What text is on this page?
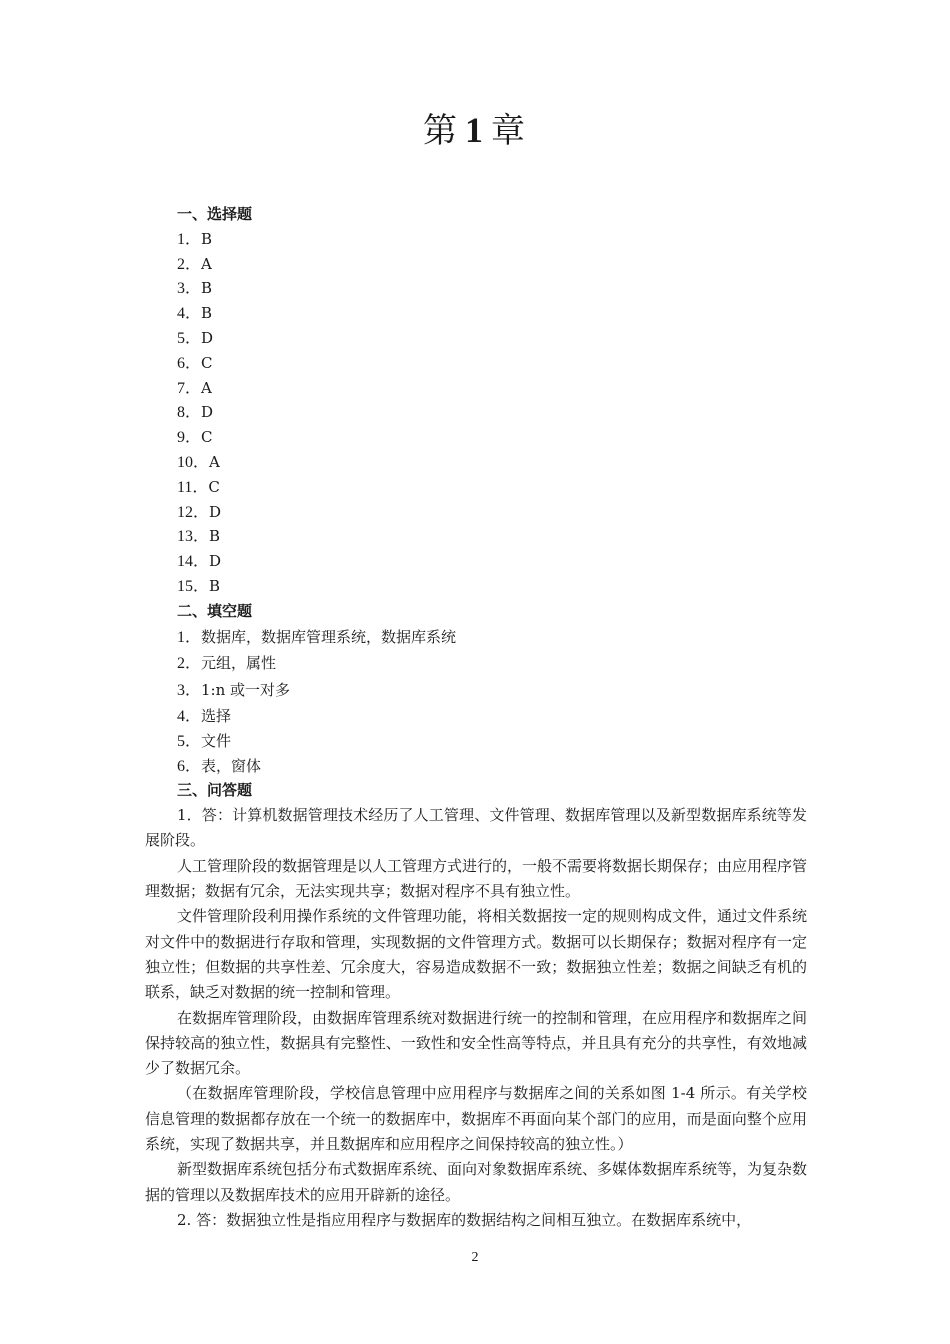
第 1 章
一、选择题
1．B
2．A
3．B
4．B
5．D
6．C
7．A
8．D
9．C
10．A
11．C
12．D
13．B
14．D
15．B
二、填空题
1．数据库，数据库管理系统，数据库系统
2．元组，属性
3．1:n 或一对多
4．选择
5．文件
6．表，窗体
三、问答题

1．答：计算机数据管理技术经历了人工管理、文件管理、数据库管理以及新型数据库系统等发展阶段。

人工管理阶段的数据管理是以人工管理方式进行的，一般不需要将数据长期保存；由应用程序管理数据；数据有冗余，无法实现共享；数据对程序不具有独立性。

文件管理阶段利用操作系统的文件管理功能，将相关数据按一定的规则构成文件，通过文件系统对文件中的数据进行存取和管理，实现数据的文件管理方式。数据可以长期保存；数据对程序有一定独立性；但数据的共享性差、冗余度大，容易造成数据不一致；数据独立性差；数据之间缺乏有机的联系，缺乏对数据的统一控制和管理。

在数据库管理阶段，由数据库管理系统对数据进行统一的控制和管理，在应用程序和数据库之间保持较高的独立性，数据具有完整性、一致性和安全性高等特点，并且具有充分的共享性，有效地减少了数据冗余。

（在数据库管理阶段，学校信息管理中应用程序与数据库之间的关系如图 1-4 所示。有关学校信息管理的数据都存放在一个统一的数据库中，数据库不再面向某个部门的应用，而是面向整个应用系统，实现了数据共享，并且数据库和应用程序之间保持较高的独立性。）

新型数据库系统包括分布式数据库系统、面向对象数据库系统、多媒体数据库系统等，为复杂数据的管理以及数据库技术的应用开辟新的途径。

2. 答：数据独立性是指应用程序与数据库的数据结构之间相互独立。在数据库系统中，

2
